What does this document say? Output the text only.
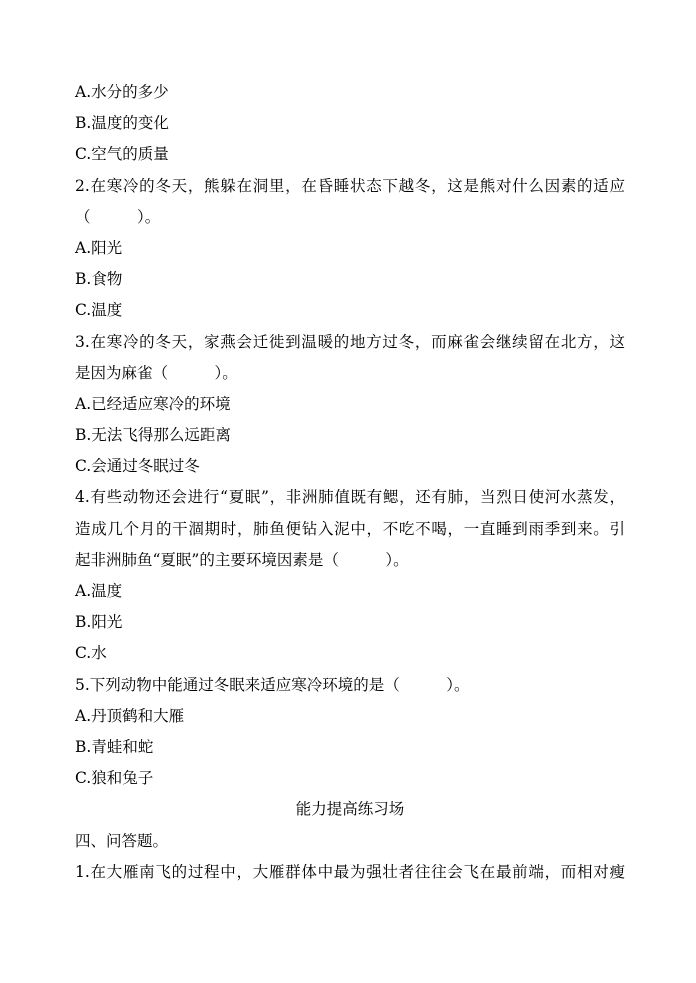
A.水分的多少
B.温度的变化
C.空气的质量
2.在寒冷的冬天，熊躲在洞里，在昏睡状态下越冬，这是熊对什么因素的适应
（　　　）。
A.阳光
B.食物
C.温度
3.在寒冷的冬天，家燕会迁徙到温暖的地方过冬，而麻雀会继续留在北方，这
是因为麻雀（　　　）。
A.已经适应寒冷的环境
B.无法飞得那么远距离
C.会通过冬眠过冬
4.有些动物还会进行“夏眠”，非洲肺值既有鳃，还有肺，当烈日使河水蒸发，
造成几个月的干涸期时，肺鱼便钻入泥中，不吃不喝，一直睡到雨季到来。引
起非洲肺鱼“夏眠”的主要环境因素是（　　　）。
A.温度
B.阳光
C.水
5.下列动物中能通过冬眠来适应寒冷环境的是（　　　）。
A.丹顶鹤和大雁
B.青蛙和蛇
C.狼和兔子
能力提高练习场
四、问答题。
1.在大雁南飞的过程中，大雁群体中最为强壮者往往会飞在最前端，而相对瘦
